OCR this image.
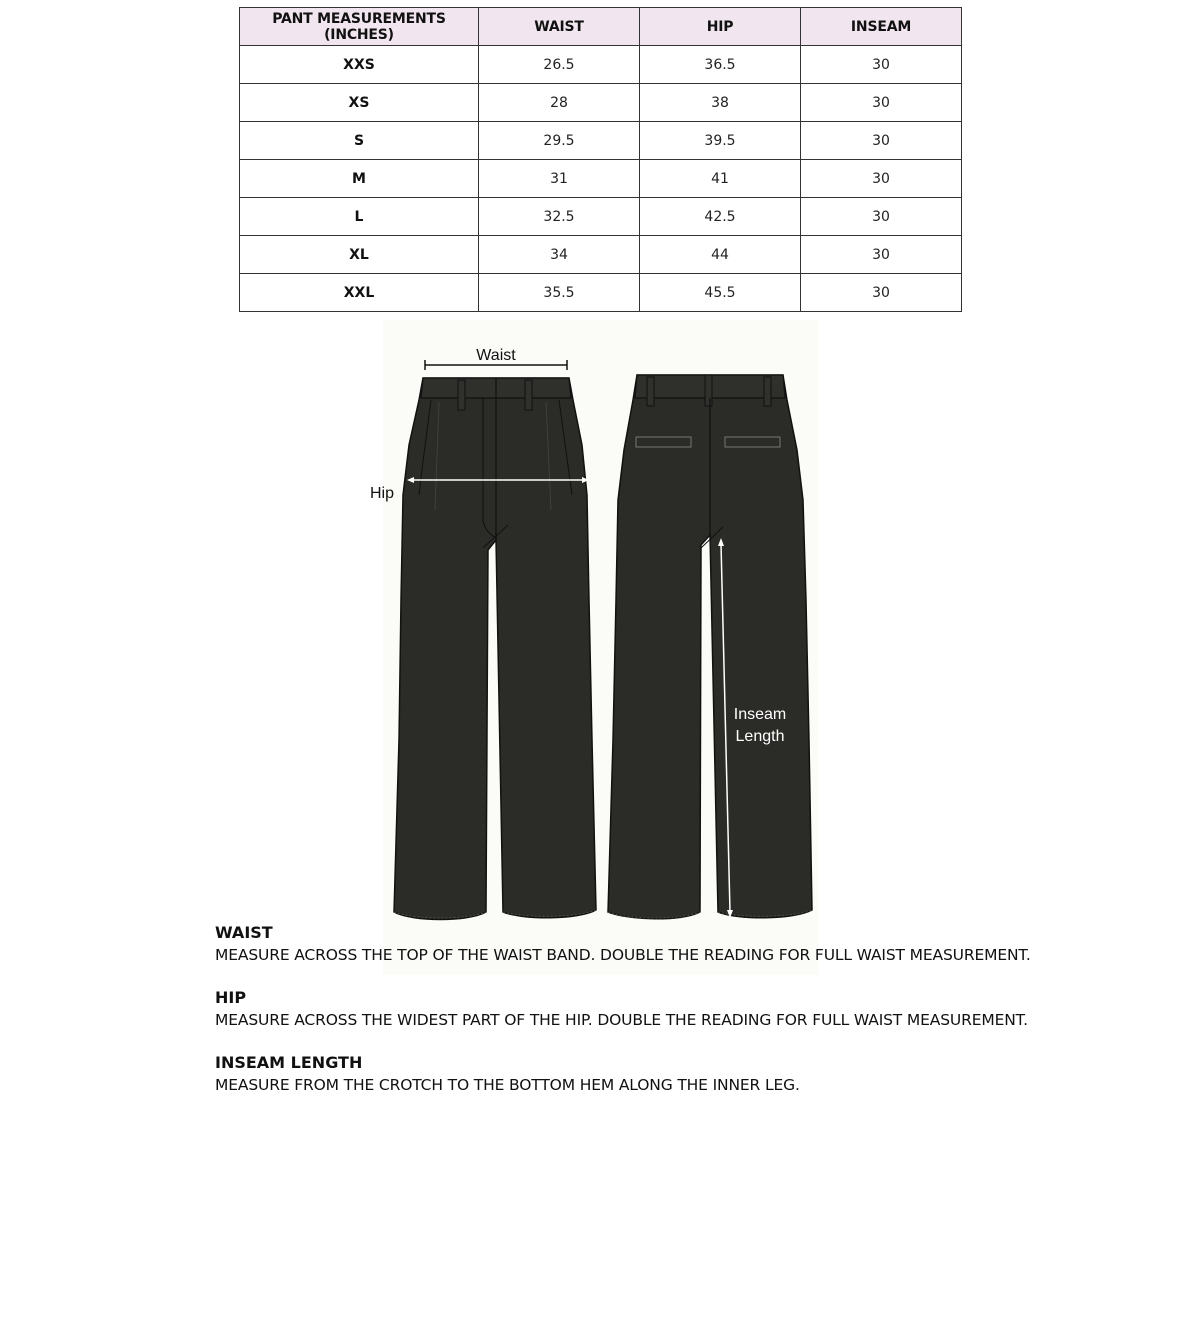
PANT MEASUREMENTS (INCHES)	WAIST	HIP	INSEAM
XXS	26.5	36.5	30
XS	28	38	30
S	29.5	39.5	30
M	31	41	30
L	32.5	42.5	30
XL	34	44	30
XXL	35.5	45.5	30
Waist
Inseam
Length
Hip
WAIST
MEASURE ACROSS THE TOP OF THE WAIST BAND. DOUBLE THE READING FOR FULL WAIST MEASUREMENT.
HIP
MEASURE ACROSS THE WIDEST PART OF THE HIP. DOUBLE THE READING FOR FULL WAIST MEASUREMENT.
INSEAM LENGTH
MEASURE FROM THE CROTCH TO THE BOTTOM HEM ALONG THE INNER LEG.
